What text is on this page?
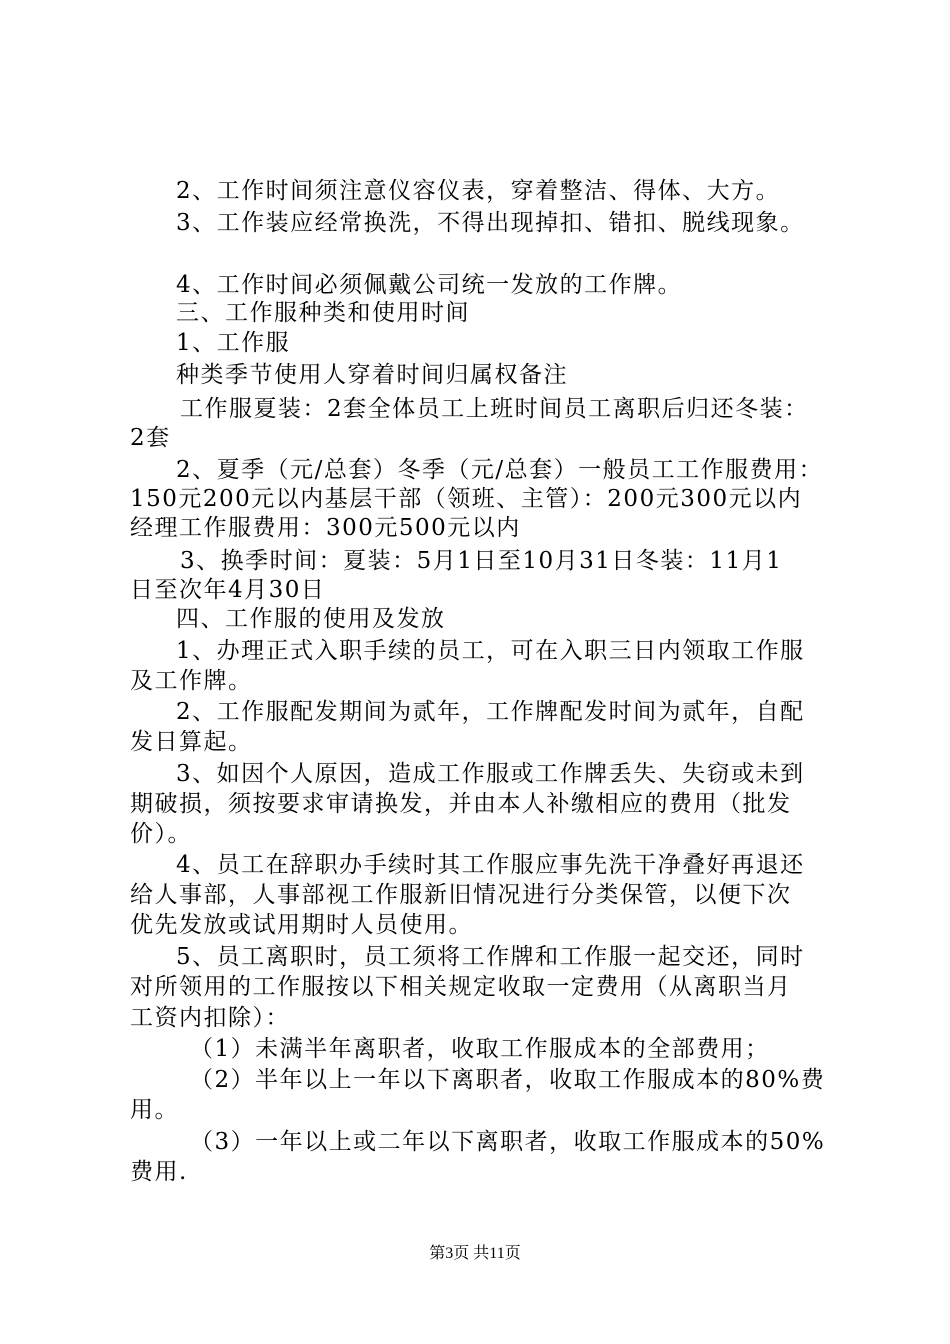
2、工作时间须注意仪容仪表，穿着整洁、得体、大方。
3、工作装应经常换洗，不得出现掉扣、错扣、脱线现象。
4、工作时间必须佩戴公司统一发放的工作牌。
三、工作服种类和使用时间
1、工作服
种类季节使用人穿着时间归属权备注
工作服夏装：2套全体员工上班时间员工离职后归还冬装：
2套
2、夏季（元/总套）冬季（元/总套）一般员工工作服费用：
150元200元以内基层干部（领班、主管）：200元300元以内
经理工作服费用：300元500元以内
3、换季时间：夏装：5月1日至10月31日冬装：11月1
日至次年4月30日
四、工作服的使用及发放
1、办理正式入职手续的员工，可在入职三日内领取工作服
及工作牌。
2、工作服配发期间为贰年，工作牌配发时间为贰年，自配
发日算起。
3、如因个人原因，造成工作服或工作牌丢失、失窃或未到
期破损，须按要求审请换发，并由本人补缴相应的费用（批发
价）。
4、员工在辞职办手续时其工作服应事先洗干净叠好再退还
给人事部，人事部视工作服新旧情况进行分类保管，以便下次
优先发放或试用期时人员使用。
5、员工离职时，员工须将工作牌和工作服一起交还，同时
对所领用的工作服按以下相关规定收取一定费用（从离职当月
工资内扣除）：
（1）未满半年离职者，收取工作服成本的全部费用；
（2）半年以上一年以下离职者，收取工作服成本的80%费
用。
（3）一年以上或二年以下离职者，收取工作服成本的50%
费用.
第3页 共11页
